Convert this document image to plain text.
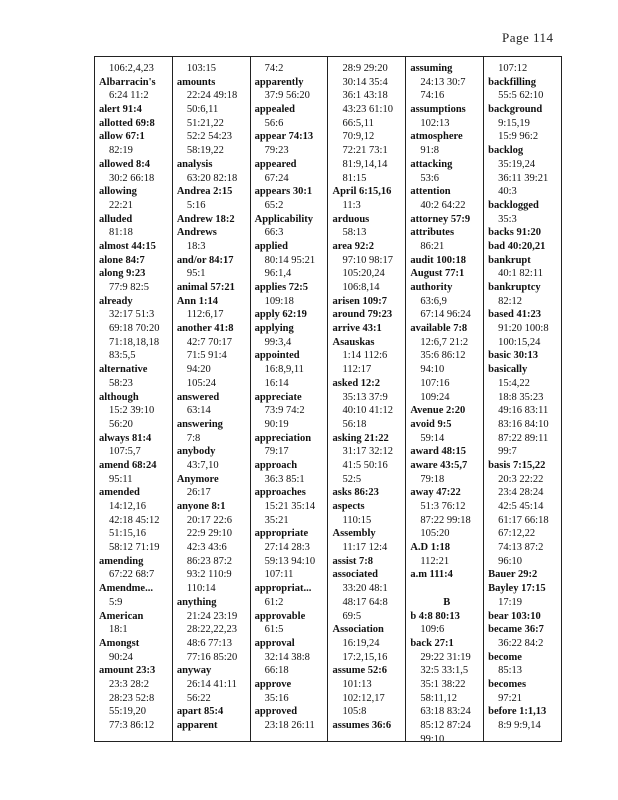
Page 114
106:2,4,23
Albarracin's
6:24 11:2
alert 91:4
allotted 69:8
allow 67:1
82:19
allowed 8:4
30:2 66:18
allowing
22:21
alluded
81:18
almost 44:15
alone 84:7
along 9:23
77:9 82:5
already
32:17 51:3
69:18 70:20
71:18,18,18
83:5,5
alternative
58:23
although
15:2 39:10
56:20
always 81:4
107:5,7
amend 68:24
95:11
amended
14:12,16
42:18 45:12
51:15,16
58:12 71:19
amending
67:22 68:7
Amendme...
5:9
American
18:1
Amongst
90:24
amount 23:3
23:3 28:2
28:23 52:8
55:19,20
77:3 86:12
103:15
amounts
22:24 49:18
50:6,11
51:21,22
52:2 54:23
58:19,22
analysis
63:20 82:18
Andrea 2:15
5:16
Andrew 18:2
Andrews
18:3
and/or 84:17
95:1
animal 57:21
Ann 1:14
112:6,17
another 41:8
42:7 70:17
71:5 91:4
94:20
105:24
answered
63:14
answering
7:8
anybody
43:7,10
Anymore
26:17
anyone 8:1
20:17 22:6
22:9 29:10
42:3 43:6
86:23 87:2
93:2 110:9
110:14
anything
21:24 23:19
28:22,22,23
48:6 77:13
77:16 85:20
anyway
26:14 41:11
56:22
apart 85:4
apparent
74:2
apparently
37:9 56:20
appealed
56:6
appear 74:13
79:23
appeared
67:24
appears 30:1
65:2
Applicability
66:3
applied
80:14 95:21
96:1,4
applies 72:5
109:18
apply 62:19
applying
99:3,4
appointed
16:8,9,11
16:14
appreciate
73:9 74:2
90:19
appreciation
79:17
approach
36:3 85:1
approaches
15:21 35:14
35:21
appropriate
27:14 28:3
59:13 94:10
107:11
appropriat...
61:2
approvable
61:5
approval
32:14 38:8
66:18
approve
35:16
approved
23:18 26:11
28:9 29:20
30:14 35:4
36:1 43:18
43:23 61:10
66:5,11
70:9,12
72:21 73:1
81:9,14,14
81:15
April 6:15,16
11:3
arduous
58:13
area 92:2
97:10 98:17
105:20,24
106:8,14
arisen 109:7
around 79:23
arrive 43:1
Asauskas
1:14 112:6
112:17
asked 12:2
35:13 37:9
40:10 41:12
56:18
asking 21:22
31:17 32:12
41:5 50:16
52:5
asks 86:23
aspects
110:15
Assembly
11:17 12:4
assist 7:8
associated
33:20 48:1
48:17 64:8
69:5
Association
16:19,24
17:2,15,16
assume 52:6
101:13
102:12,17
105:8
assumes 36:6
assuming
24:13 30:7
74:16
assumptions
102:13
atmosphere
91:8
attacking
53:6
attention
40:2 64:22
attorney 57:9
attributes
86:21
audit 100:18
August 77:1
authority
63:6,9
67:14 96:24
available 7:8
12:6,7 21:2
35:6 86:12
94:10
107:16
109:24
Avenue 2:20
avoid 9:5
59:14
award 48:15
aware 43:5,7
79:18
away 47:22
51:3 76:12
87:22 99:18
105:20
A.D 1:18
112:21
a.m 111:4
B
b 4:8 80:13
109:6
back 27:1
29:22 31:19
32:5 33:1,5
35:1 38:22
58:11,12
63:18 83:24
85:12 87:24
99:10
107:12
backfilling
55:5 62:10
background
9:15,19
15:9 96:2
backlog
35:19,24
36:11 39:21
40:3
backlogged
35:3
backs 91:20
bad 40:20,21
bankrupt
40:1 82:11
bankruptcy
82:12
based 41:23
91:20 100:8
100:15,24
basic 30:13
basically
15:4,22
18:8 35:23
49:16 83:11
83:16 84:10
87:22 89:11
99:7
basis 7:15,22
20:3 22:22
23:4 28:24
42:5 45:14
61:17 66:18
67:12,22
74:13 87:2
96:10
Bauer 29:2
Bayley 17:15
17:19
bear 103:10
became 36:7
36:22 84:2
become
85:13
becomes
97:21
before 1:1,13
8:9 9:9,14
